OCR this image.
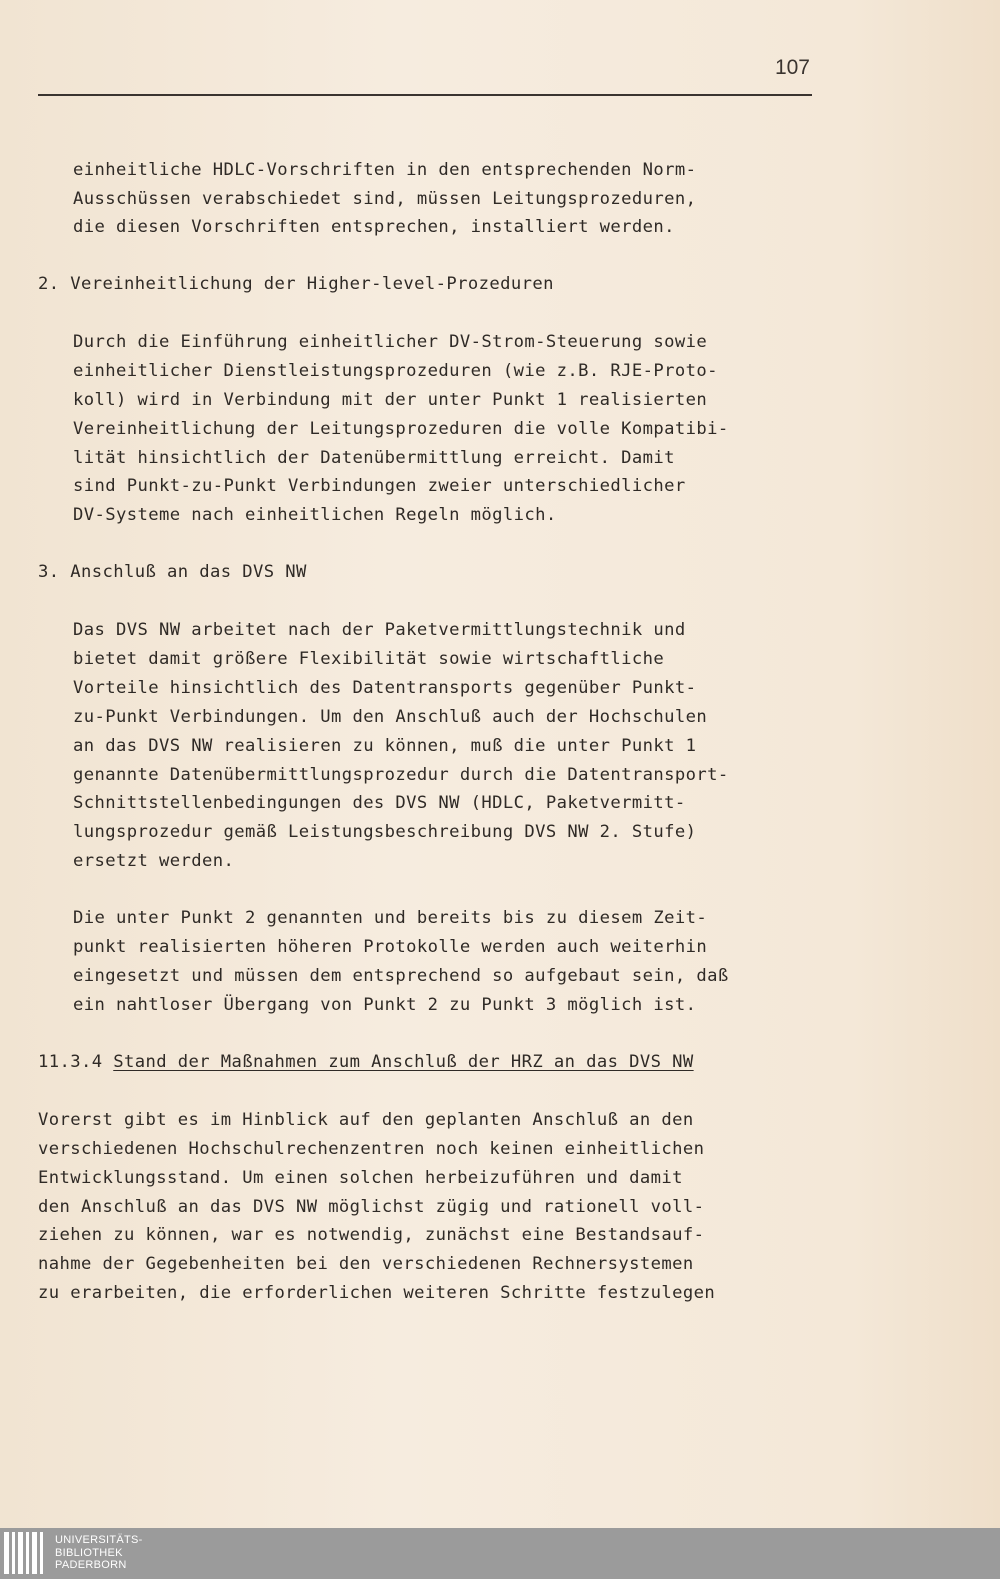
107
einheitliche HDLC-Vorschriften in den entsprechenden Norm-
Ausschüssen verabschiedet sind, müssen Leitungsprozeduren,
die diesen Vorschriften entsprechen, installiert werden.
2. Vereinheitlichung der Higher-level-Prozeduren
Durch die Einführung einheitlicher DV-Strom-Steuerung sowie
einheitlicher Dienstleistungsprozeduren (wie z.B. RJE-Proto-
koll) wird in Verbindung mit der unter Punkt 1 realisierten
Vereinheitlichung der Leitungsprozeduren die volle Kompatibi-
lität hinsichtlich der Datenübermittlung erreicht. Damit
sind Punkt-zu-Punkt Verbindungen zweier unterschiedlicher
DV-Systeme nach einheitlichen Regeln möglich.
3. Anschluß an das DVS NW
Das DVS NW arbeitet nach der Paketvermittlungstechnik und
bietet damit größere Flexibilität sowie wirtschaftliche
Vorteile hinsichtlich des Datentransports gegenüber Punkt-
zu-Punkt Verbindungen. Um den Anschluß auch der Hochschulen
an das DVS NW realisieren zu können, muß die unter Punkt 1
genannte Datenübermittlungsprozedur durch die Datentransport-
Schnittstellenbedingungen des DVS NW (HDLC, Paketvermitt-
lungsprozedur gemäß Leistungsbeschreibung DVS NW 2. Stufe)
ersetzt werden.
Die unter Punkt 2 genannten und bereits bis zu diesem Zeit-
punkt realisierten höheren Protokolle werden auch weiterhin
eingesetzt und müssen dem entsprechend so aufgebaut sein, daß
ein nahtloser Übergang von Punkt 2 zu Punkt 3 möglich ist.
11.3.4 Stand der Maßnahmen zum Anschluß der HRZ an das DVS NW
Vorerst gibt es im Hinblick auf den geplanten Anschluß an den
verschiedenen Hochschulrechenzentren noch keinen einheitlichen
Entwicklungsstand. Um einen solchen herbeizuführen und damit
den Anschluß an das DVS NW möglichst zügig und rationell voll-
ziehen zu können, war es notwendig, zunächst eine Bestandsauf-
nahme der Gegebenheiten bei den verschiedenen Rechnersystemen
zu erarbeiten, die erforderlichen weiteren Schritte festzulegen
UNIVERSITÄTS-
BIBLIOTHEK
PADERBORN
